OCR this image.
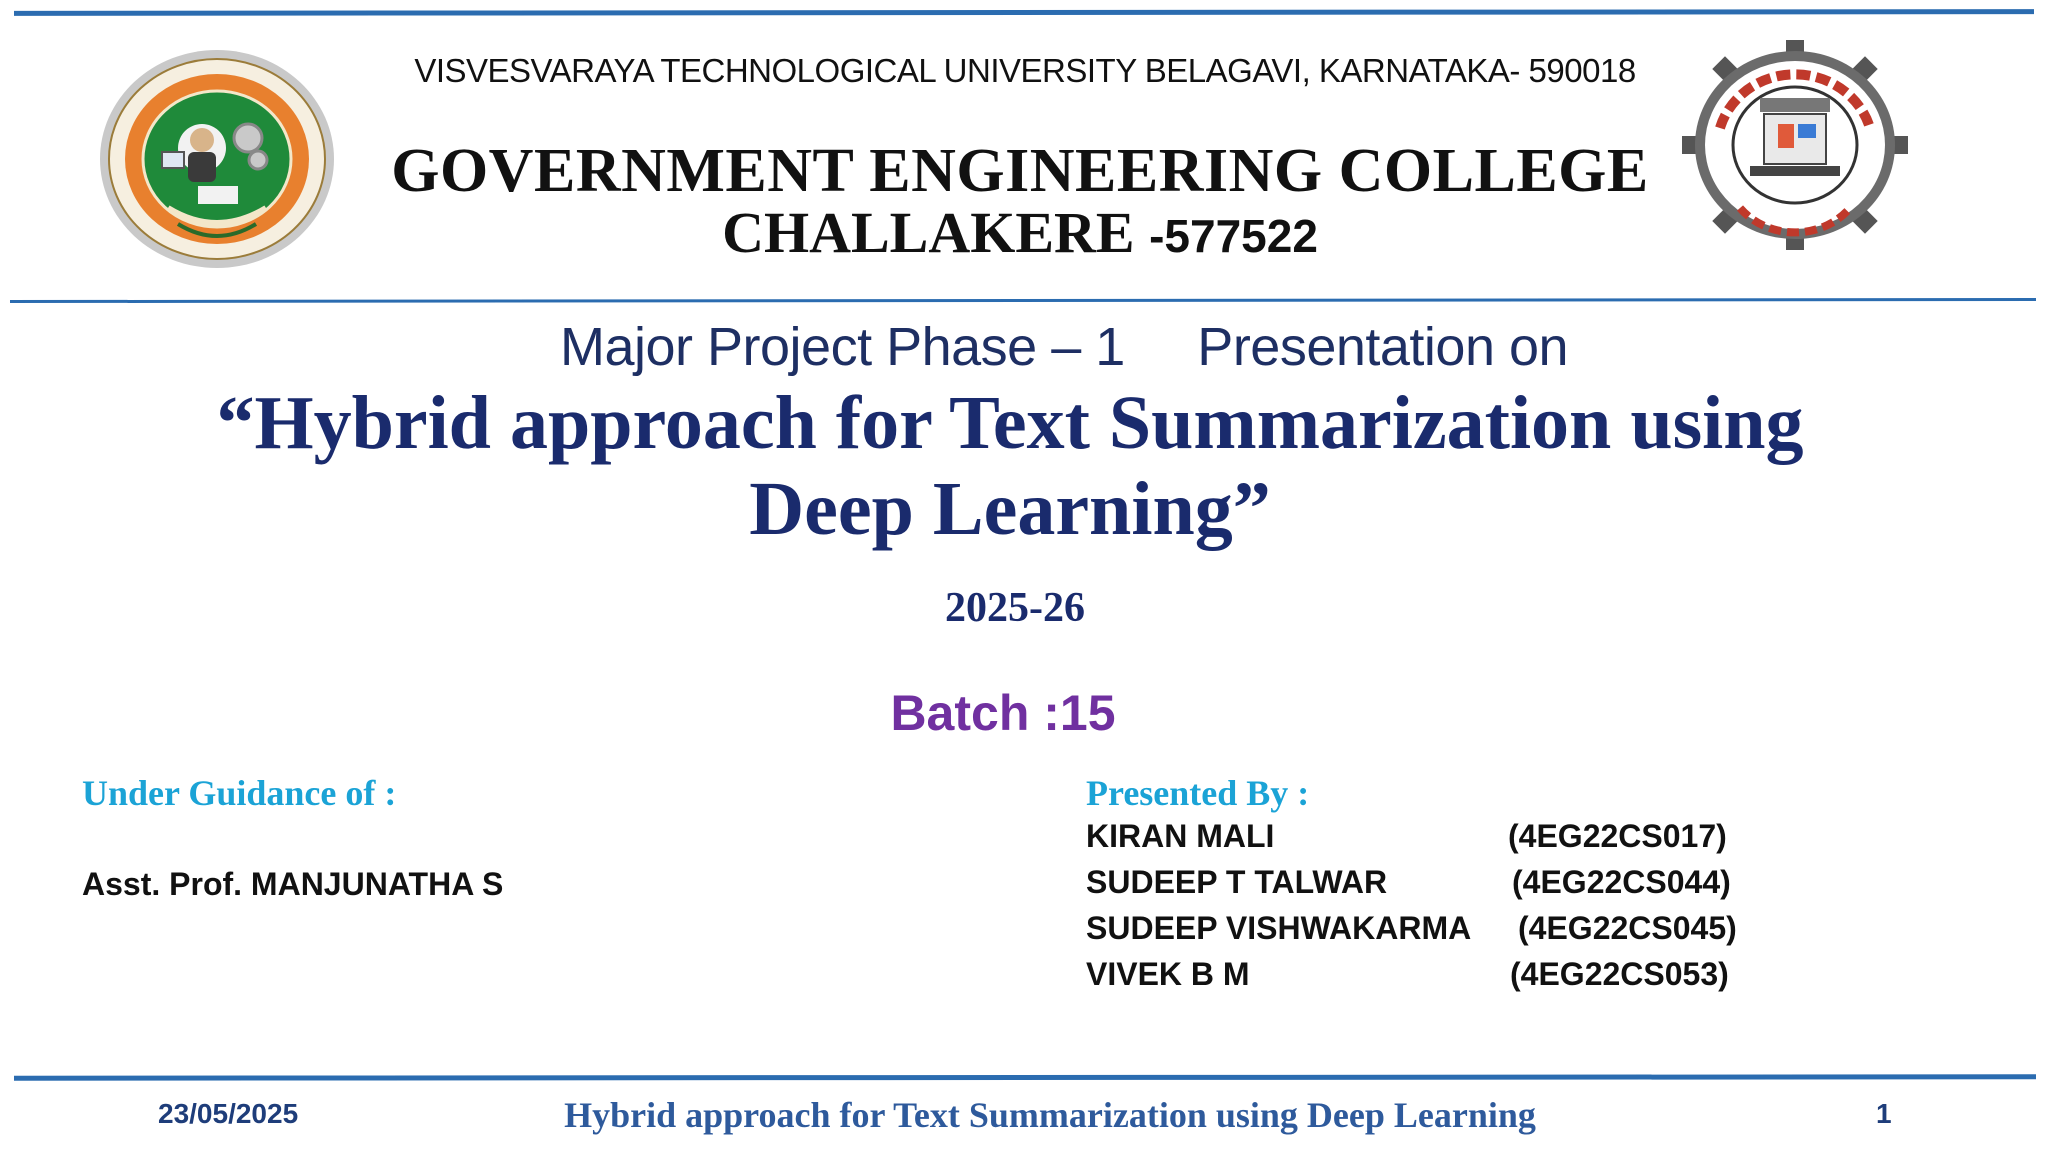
VISVESVARAYA TECHNOLOGICAL UNIVERSITY BELAGAVI, KARNATAKA- 590018
GOVERNMENT ENGINEERING COLLEGE
CHALLAKERE -577522
Major Project Phase – 1 Presentation on
“Hybrid approach for Text Summarization using
Deep Learning”
2025-26
Batch :15
Under Guidance of :
Asst. Prof. MANJUNATHA S
Presented By :
KIRAN MALI	(4EG22CS017)
SUDEEP T TALWAR	(4EG22CS044)
SUDEEP VISHWAKARMA (4EG22CS045)
VIVEK B M	(4EG22CS053)
23/05/2025	Hybrid approach for Text Summarization using Deep Learning	1
